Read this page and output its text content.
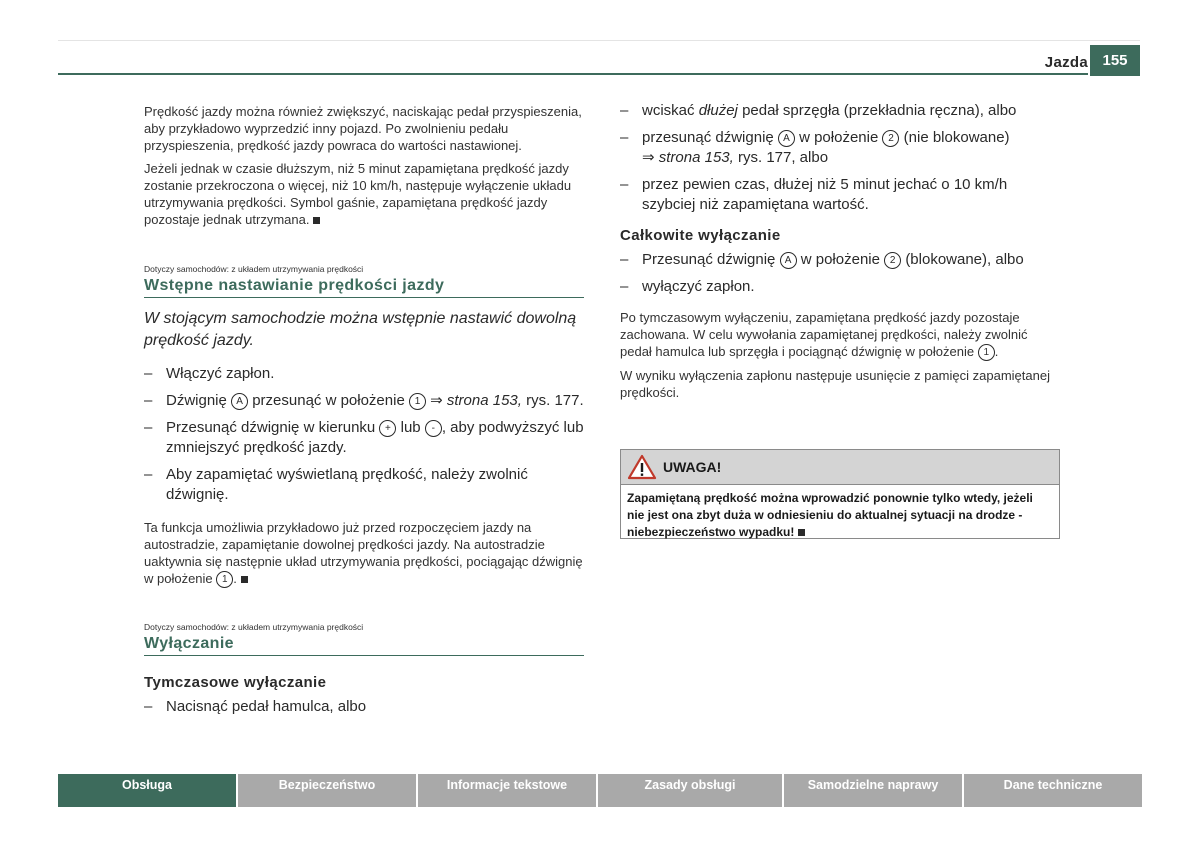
Jazda 155

Prędkość jazdy można również zwiększyć, naciskając pedał przyspieszenia, aby przykładowo wyprzedzić inny pojazd. Po zwolnieniu pedału przyspieszenia, prędkość jazdy powraca do wartości nastawionej.

Jeżeli jednak w czasie dłuższym, niż 5 minut zapamiętana prędkość jazdy zostanie przekroczona o więcej, niż 10 km/h, następuje wyłączenie układu utrzymywania prędkości. Symbol gaśnie, zapamiętana prędkość jazdy pozostaje jednak utrzymana.

Dotyczy samochodów: z układem utrzymywania prędkości
Wstępne nastawianie prędkości jazdy
W stojącym samochodzie można wstępnie nastawić dowolną prędkość jazdy.
– Włączyć zapłon.
– Dźwignię A przesunąć w położenie 1 ⇒ strona 153, rys. 177.
– Przesunąć dźwignię w kierunku + lub - , aby podwyższyć lub zmniejszyć prędkość jazdy.
– Aby zapamiętać wyświetlaną prędkość, należy zwolnić dźwignię.

Ta funkcja umożliwia przykładowo już przed rozpoczęciem jazdy na autostradzie, zapamiętanie dowolnej prędkości jazdy. Na autostradzie uaktywnia się następnie układ utrzymywania prędkości, pociągając dźwignię w położenie 1 .

Dotyczy samochodów: z układem utrzymywania prędkości
Wyłączanie
Tymczasowe wyłączanie
– Nacisnąć pedał hamulca, albo
– wciskać dłużej pedał sprzęgła (przekładnia ręczna), albo
– przesunąć dźwignię A w położenie 2 (nie blokowane)
⇒ strona 153, rys. 177, albo
– przez pewien czas, dłużej niż 5 minut jechać o 10 km/h szybciej niż zapamiętana wartość.
Całkowite wyłączanie
– Przesunąć dźwignię A w położenie 2 (blokowane), albo
– wyłączyć zapłon.

Po tymczasowym wyłączeniu, zapamiętana prędkość jazdy pozostaje zachowana. W celu wywołania zapamiętanej prędkości, należy zwolnić pedał hamulca lub sprzęgła i pociągnąć dźwignię w położenie 1 .

W wyniku wyłączenia zapłonu następuje usunięcie z pamięci zapamiętanej prędkości.

UWAGA!
Zapamiętaną prędkość można wprowadzić ponownie tylko wtedy, jeżeli nie jest ona zbyt duża w odniesieniu do aktualnej sytuacji na drodze - niebezpieczeństwo wypadku!
Obsługa	Bezpieczeństwo	Informacje tekstowe	Zasady obsługi	Samodzielne naprawy	Dane techniczne
